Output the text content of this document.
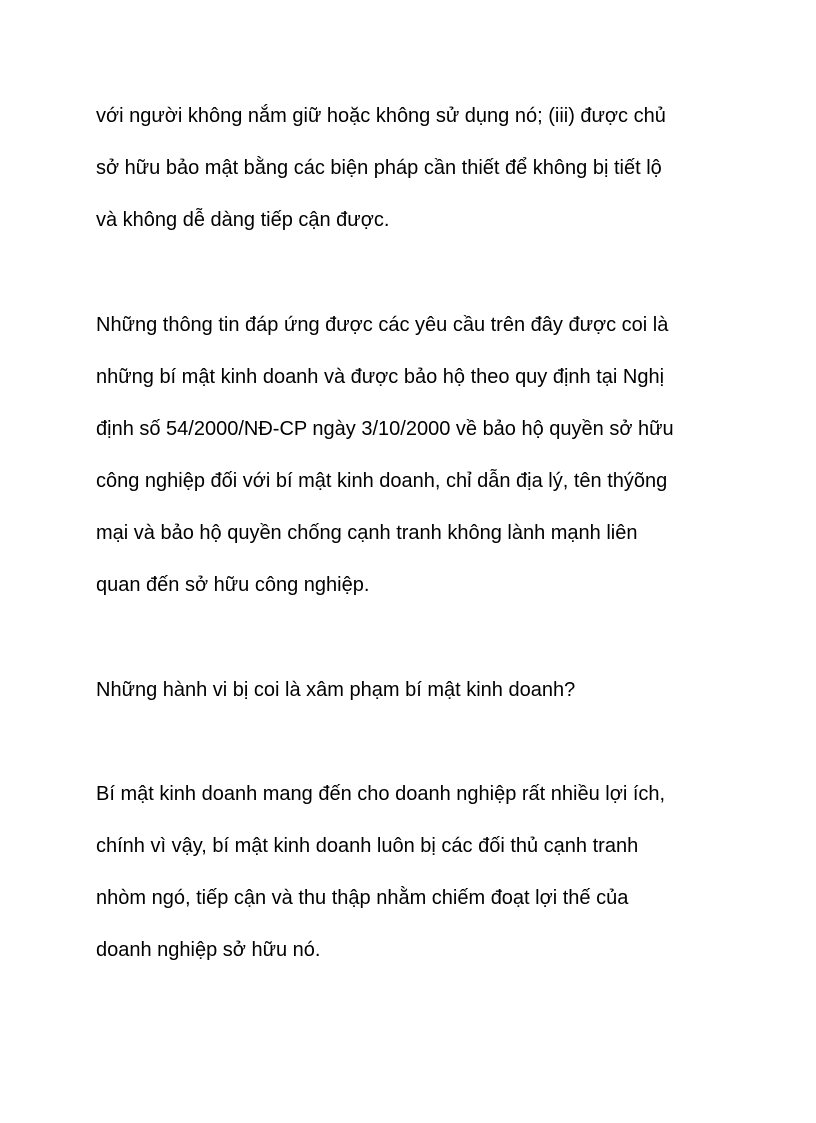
với người không nắm giữ hoặc không sử dụng nó; (iii) được chủ
sở hữu bảo mật bằng các biện pháp cần thiết để không bị tiết lộ
và không dễ dàng tiếp cận được.
Những thông tin đáp ứng được các yêu cầu trên đây được coi là
những bí mật kinh doanh và được bảo hộ theo quy định tại Nghị
định số 54/2000/NĐ-CP ngày 3/10/2000 về bảo hộ quyền sở hữu
công nghiệp đối với bí mật kinh doanh, chỉ dẫn địa lý, tên thýõng
mại và bảo hộ quyền chống cạnh tranh không lành mạnh liên
quan đến sở hữu công nghiệp.
Những hành vi bị coi là xâm phạm bí mật kinh doanh?
Bí mật kinh doanh mang đến cho doanh nghiệp rất nhiều lợi ích,
chính vì vậy, bí mật kinh doanh luôn bị các đối thủ cạnh tranh
nhòm ngó, tiếp cận và thu thập nhằm chiếm đoạt lợi thế của
doanh nghiệp sở hữu nó.
